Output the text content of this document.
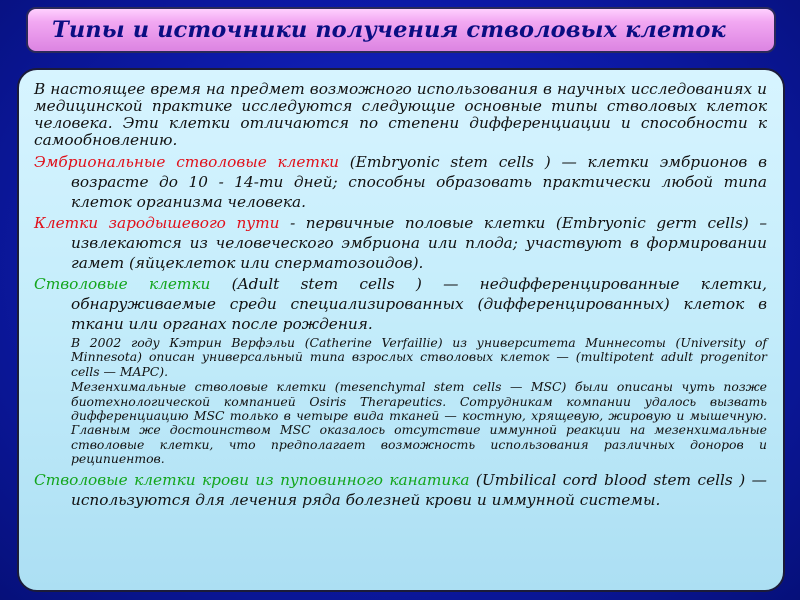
Типы и источники получения стволовых клеток

В настоящее время на предмет возможного использования в научных исследованиях и медицинской практике исследуются следующие основные типы стволовых клеток человека. Эти клетки отличаются по степени дифференциации и способности к самообновлению.

Эмбриональные стволовые клетки (Embryonic stem cells ) — клетки эмбрионов в возрасте до 10 - 14-ти дней; способны образовать практически любой типа клеток организма человека.

Клетки зародышевого пути - первичные половые клетки (Embryonic germ cells) – извлекаются из человеческого эмбриона или плода; участвуют в формировании гамет (яйцеклеток или сперматозоидов).

Стволовые клетки (Adult stem cells ) — недифференцированные клетки, обнаруживаемые среди специализированных (дифференцированных) клеток в ткани или органах после рождения.

В 2002 году Кэтрин Верфэльи (Catherine Verfaillie) из университета Миннесоты (University of Minnesota) описан универсальный типа взрослых стволовых клеток — (multipotent adult progenitor cells — MAPC).

Мезенхимальные стволовые клетки (mesenchymal stem cells — MSC) были описаны чуть позже биотехнологической компанией Osiris Therapeutics. Сотрудникам компании удалось вызвать дифференциацию MSC только в четыре вида тканей — костную, хрящевую, жировую и мышечную. Главным же достоинством MSC оказалось отсутствие иммунной реакции на мезенхимальные стволовые клетки, что предполагает возможность использования различных доноров и реципиентов.

Стволовые клетки крови из пуповинного канатика (Umbilical cord blood stem cells ) — используются для лечения ряда болезней крови и иммунной системы.
